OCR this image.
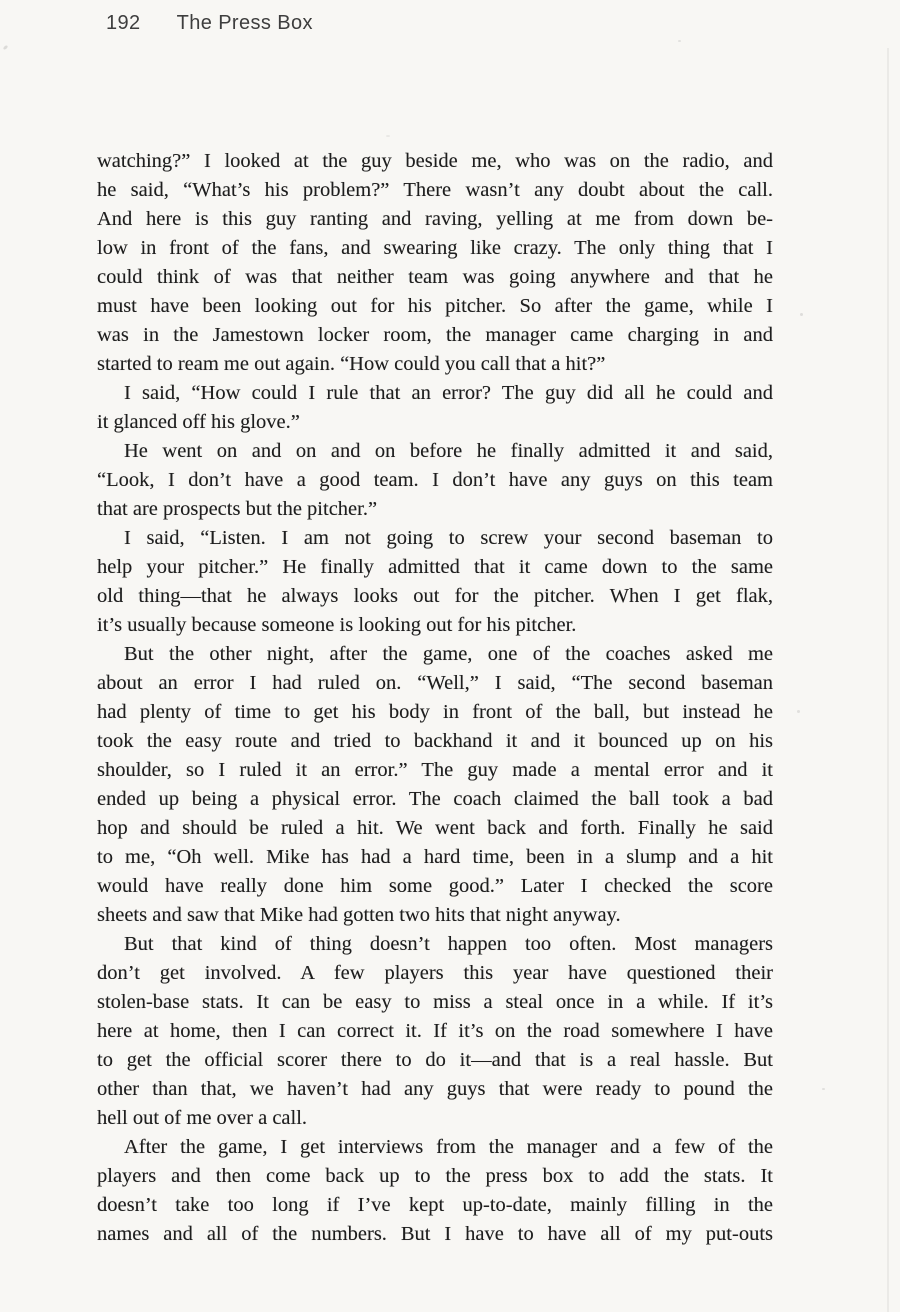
192 The Press Box
watching?” I looked at the guy beside me, who was on the radio, and
he said, “What’s his problem?” There wasn’t any doubt about the call.
And here is this guy ranting and raving, yelling at me from down be-
low in front of the fans, and swearing like crazy. The only thing that I
could think of was that neither team was going anywhere and that he
must have been looking out for his pitcher. So after the game, while I
was in the Jamestown locker room, the manager came charging in and
started to ream me out again. “How could you call that a hit?”
I said, “How could I rule that an error? The guy did all he could and
it glanced off his glove.”
He went on and on and on before he finally admitted it and said,
“Look, I don’t have a good team. I don’t have any guys on this team
that are prospects but the pitcher.”
I said, “Listen. I am not going to screw your second baseman to
help your pitcher.” He finally admitted that it came down to the same
old thing—that he always looks out for the pitcher. When I get flak,
it’s usually because someone is looking out for his pitcher.
But the other night, after the game, one of the coaches asked me
about an error I had ruled on. “Well,” I said, “The second baseman
had plenty of time to get his body in front of the ball, but instead he
took the easy route and tried to backhand it and it bounced up on his
shoulder, so I ruled it an error.” The guy made a mental error and it
ended up being a physical error. The coach claimed the ball took a bad
hop and should be ruled a hit. We went back and forth. Finally he said
to me, “Oh well. Mike has had a hard time, been in a slump and a hit
would have really done him some good.” Later I checked the score
sheets and saw that Mike had gotten two hits that night anyway.
But that kind of thing doesn’t happen too often. Most managers
don’t get involved. A few players this year have questioned their
stolen-base stats. It can be easy to miss a steal once in a while. If it’s
here at home, then I can correct it. If it’s on the road somewhere I have
to get the official scorer there to do it—and that is a real hassle. But
other than that, we haven’t had any guys that were ready to pound the
hell out of me over a call.
After the game, I get interviews from the manager and a few of the
players and then come back up to the press box to add the stats. It
doesn’t take too long if I’ve kept up-to-date, mainly filling in the
names and all of the numbers. But I have to have all of my put-outs
